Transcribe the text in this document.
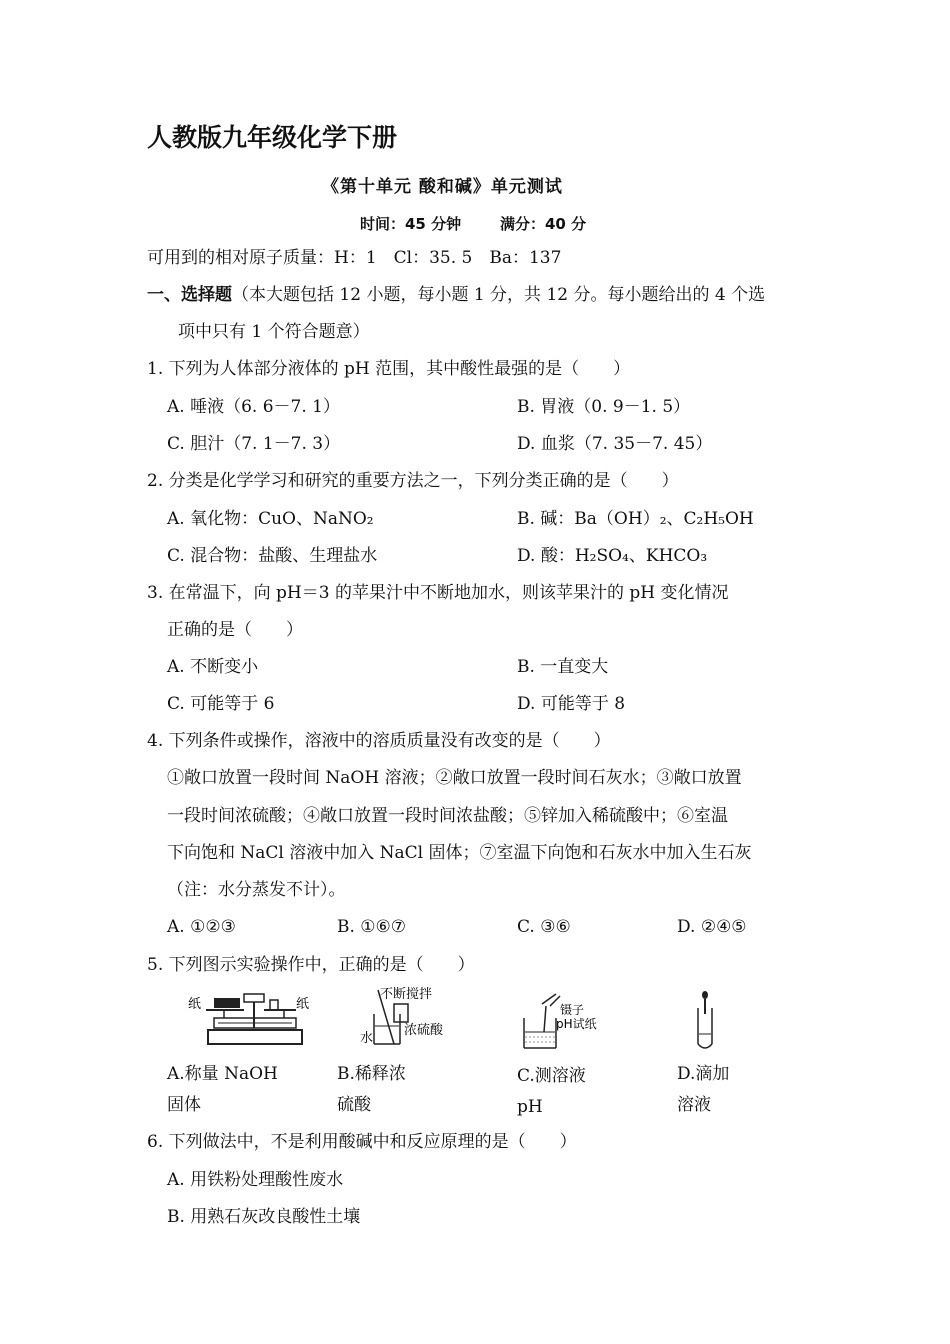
人教版九年级化学下册
《第十单元 酸和碱》单元测试
时间：45 分钟	满分：40 分
可用到的相对原子质量：H：1　Cl：35. 5　Ba：137
一、选择题（本大题包括 12 小题，每小题 1 分，共 12 分。每小题给出的 4 个选
项中只有 1 个符合题意）
1. 下列为人体部分液体的 pH 范围，其中酸性最强的是（　　）
A. 唾液（6. 6－7. 1）	B. 胃液（0. 9－1. 5）
C. 胆汁（7. 1－7. 3）	D. 血浆（7. 35－7. 45）
2. 分类是化学学习和研究的重要方法之一，下列分类正确的是（　　）
A. 氧化物：CuO、NaNO₂	B. 碱：Ba（OH）₂、C₂H₅OH
C. 混合物：盐酸、生理盐水	D. 酸：H₂SO₄、KHCO₃
3. 在常温下，向 pH＝3 的苹果汁中不断地加水，则该苹果汁的 pH 变化情况
正确的是（　　）
A. 不断变小	B. 一直变大
C. 可能等于 6	D. 可能等于 8
4. 下列条件或操作，溶液中的溶质质量没有改变的是（　　）
①敞口放置一段时间 NaOH 溶液；②敞口放置一段时间石灰水；③敞口放置
一段时间浓硫酸；④敞口放置一段时间浓盐酸；⑤锌加入稀硫酸中；⑥室温
下向饱和 NaCl 溶液中加入 NaCl 固体；⑦室温下向饱和石灰水中加入生石灰
（注：水分蒸发不计）。
A. ①②③	B. ①⑥⑦	C. ③⑥	D. ②④⑤
5. 下列图示实验操作中，正确的是（　　）
纸	纸
不断搅拌
水
浓硫酸
镊子
pH试纸
A.称量 NaOH
固体
B.稀释浓
硫酸
C.测溶液
pH
D.滴加
溶液
6. 下列做法中，不是利用酸碱中和反应原理的是（　　）
A. 用铁粉处理酸性废水
B. 用熟石灰改良酸性土壤
